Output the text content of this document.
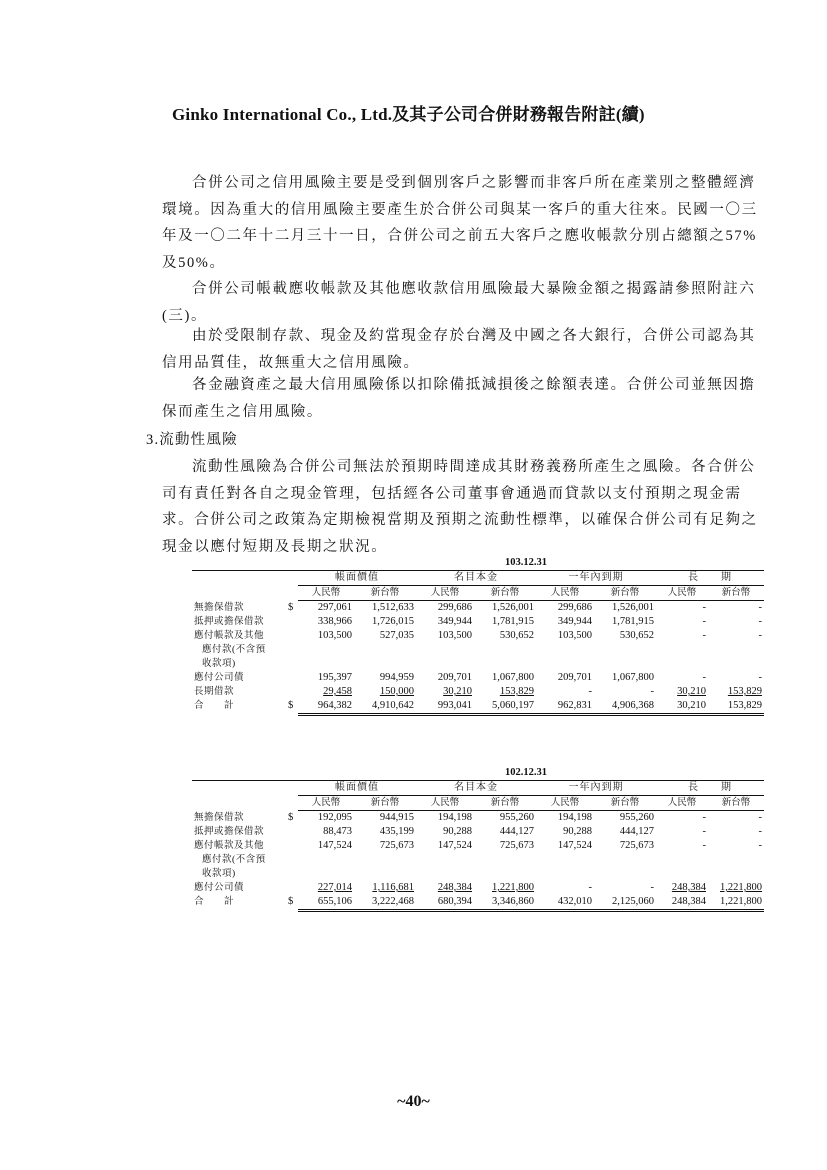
Ginko International Co., Ltd.及其子公司合併財務報告附註(續)
合併公司之信用風險主要是受到個別客戶之影響而非客戶所在產業別之整體經濟環境。因為重大的信用風險主要產生於合併公司與某一客戶的重大往來。民國一〇三年及一〇二年十二月三十一日，合併公司之前五大客戶之應收帳款分別占總額之57%及50%。
合併公司帳載應收帳款及其他應收款信用風險最大暴險金額之揭露請參照附註六(三)。
由於受限制存款、現金及約當現金存於台灣及中國之各大銀行，合併公司認為其信用品質佳，故無重大之信用風險。
各金融資產之最大信用風險係以扣除備抵減損後之餘額表達。合併公司並無因擔保而產生之信用風險。
3.流動性風險
流動性風險為合併公司無法於預期時間達成其財務義務所產生之風險。各合併公司有責任對各自之現金管理，包括經各公司董事會通過而貸款以支付預期之現金需求。合併公司之政策為定期檢視當期及預期之流動性標準，以確保合併公司有足夠之現金以應付短期及長期之狀況。
	103.12.31								
		帳面價值		名目本金		一年內到期		長　　期	
		人民幣	新台幣	人民幣	新台幣	人民幣	新台幣	人民幣	新台幣

無擔保借款	$	297,061	1,512,633	299,686	1,526,001	299,686	1,526,001	-	-

抵押或擔保借款		338,966	1,726,015	349,944	1,781,915	349,944	1,781,915	-	-

應付帳款及其他
應付款(不含預
收款項)		103,500	527,035	103,500	530,652	103,500	530,652	-	-

應付公司債		195,397	994,959	209,701	1,067,800	209,701	1,067,800	-	-

長期借款		29,458	150,000	30,210	153,829	-	-	30,210	153,829

合　　計	$	964,382	4,910,642	993,041	5,060,197	962,831	4,906,368	30,210	153,829
	102.12.31								
		帳面價值		名目本金		一年內到期		長　　期	
		人民幣	新台幣	人民幣	新台幣	人民幣	新台幣	人民幣	新台幣

無擔保借款	$	192,095	944,915	194,198	955,260	194,198	955,260	-	-

抵押或擔保借款		88,473	435,199	90,288	444,127	90,288	444,127	-	-

應付帳款及其他
應付款(不含預
收款項)		147,524	725,673	147,524	725,673	147,524	725,673	-	-

應付公司債		227,014	1,116,681	248,384	1,221,800	-	-	248,384	1,221,800

合　　計	$	655,106	3,222,468	680,394	3,346,860	432,010	2,125,060	248,384	1,221,800
~40~
